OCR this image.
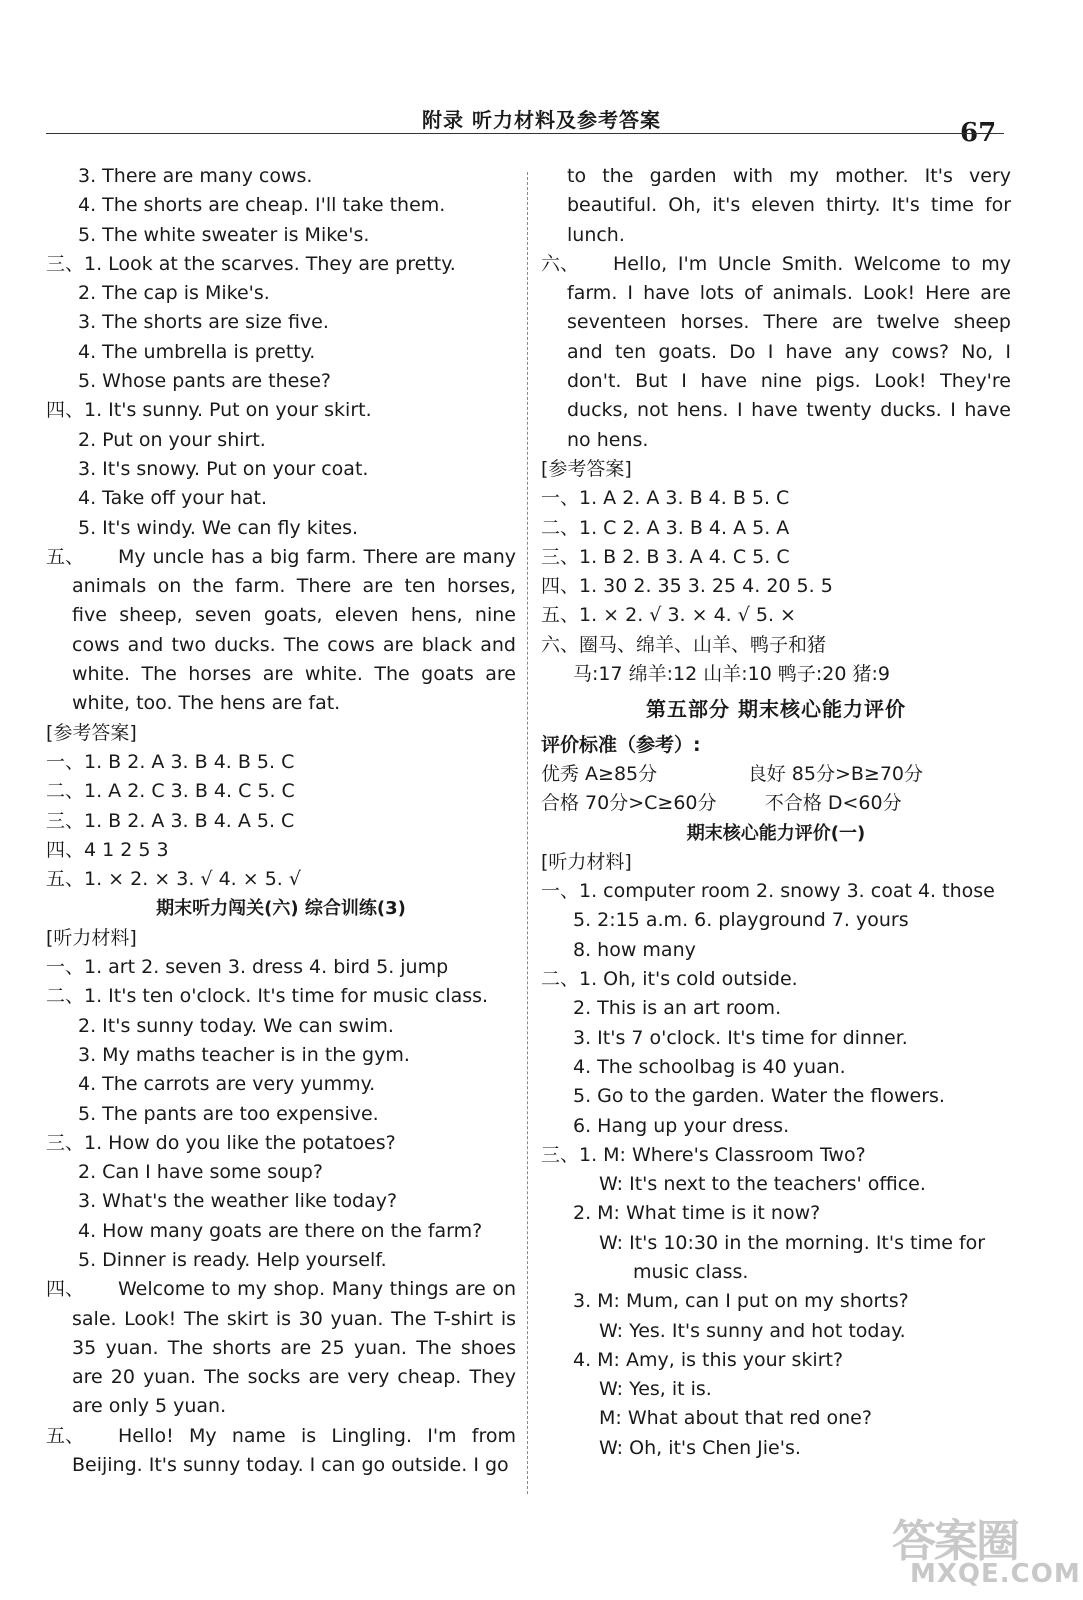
附录 听力材料及参考答案	67
3. There are many cows.
4. The shorts are cheap. I'll take them.
5. The white sweater is Mike's.
三、1. Look at the scarves. They are pretty.
2. The cap is Mike's.
3. The shorts are size five.
4. The umbrella is pretty.
5. Whose pants are these?
四、1. It's sunny. Put on your skirt.
2. Put on your shirt.
3. It's snowy. Put on your coat.
4. Take off your hat.
5. It's windy. We can fly kites.
五、 My uncle has a big farm. There are many animals on the farm. There are ten horses, five sheep, seven goats, eleven hens, nine cows and two ducks. The cows are black and white. The horses are white. The goats are white, too. The hens are fat.
[参考答案]
一、1. B 2. A 3. B 4. B 5. C
二、1. A 2. C 3. B 4. C 5. C
三、1. B 2. A 3. B 4. A 5. C
四、4 1 2 5 3
五、1. × 2. × 3. √ 4. × 5. √
期末听力闯关(六) 综合训练(3)
[听力材料]
一、1. art 2. seven 3. dress 4. bird 5. jump
二、1. It's ten o'clock. It's time for music class.
2. It's sunny today. We can swim.
3. My maths teacher is in the gym.
4. The carrots are very yummy.
5. The pants are too expensive.
三、1. How do you like the potatoes?
2. Can I have some soup?
3. What's the weather like today?
4. How many goats are there on the farm?
5. Dinner is ready. Help yourself.
四、 Welcome to my shop. Many things are on sale. Look! The skirt is 30 yuan. The T-shirt is 35 yuan. The shorts are 25 yuan. The shoes are 20 yuan. The socks are very cheap. They are only 5 yuan.
五、 Hello! My name is Lingling. I'm from Beijing. It's sunny today. I can go outside. I go
to the garden with my mother. It's very beautiful. Oh, it's eleven thirty. It's time for lunch.
六、 Hello, I'm Uncle Smith. Welcome to my farm. I have lots of animals. Look! Here are seventeen horses. There are twelve sheep and ten goats. Do I have any cows? No, I don't. But I have nine pigs. Look! They're ducks, not hens. I have twenty ducks. I have no hens.
[参考答案]
一、1. A 2. A 3. B 4. B 5. C
二、1. C 2. A 3. B 4. A 5. A
三、1. B 2. B 3. A 4. C 5. C
四、1. 30 2. 35 3. 25 4. 20 5. 5
五、1. × 2. √ 3. × 4. √ 5. ×
六、圈马、绵羊、山羊、鸭子和猪
马:17 绵羊:12 山羊:10 鸭子:20 猪:9
第五部分 期末核心能力评价
评价标准（参考）:
优秀 A≥85分               良好 85分>B≥70分
合格 70分>C≥60分        不合格 D<60分
期末核心能力评价(一)
[听力材料]
一、1. computer room 2. snowy 3. coat 4. those
5. 2:15 a.m. 6. playground 7. yours
8. how many
二、1. Oh, it's cold outside.
2. This is an art room.
3. It's 7 o'clock. It's time for dinner.
4. The schoolbag is 40 yuan.
5. Go to the garden. Water the flowers.
6. Hang up your dress.
三、1. M: Where's Classroom Two?
W: It's next to the teachers' office.
2. M: What time is it now?
W: It's 10:30 in the morning. It's time for
music class.
3. M: Mum, can I put on my shorts?
W: Yes. It's sunny and hot today.
4. M: Amy, is this your skirt?
W: Yes, it is.
M: What about that red one?
W: Oh, it's Chen Jie's.
答案圈
MXQE.COM
